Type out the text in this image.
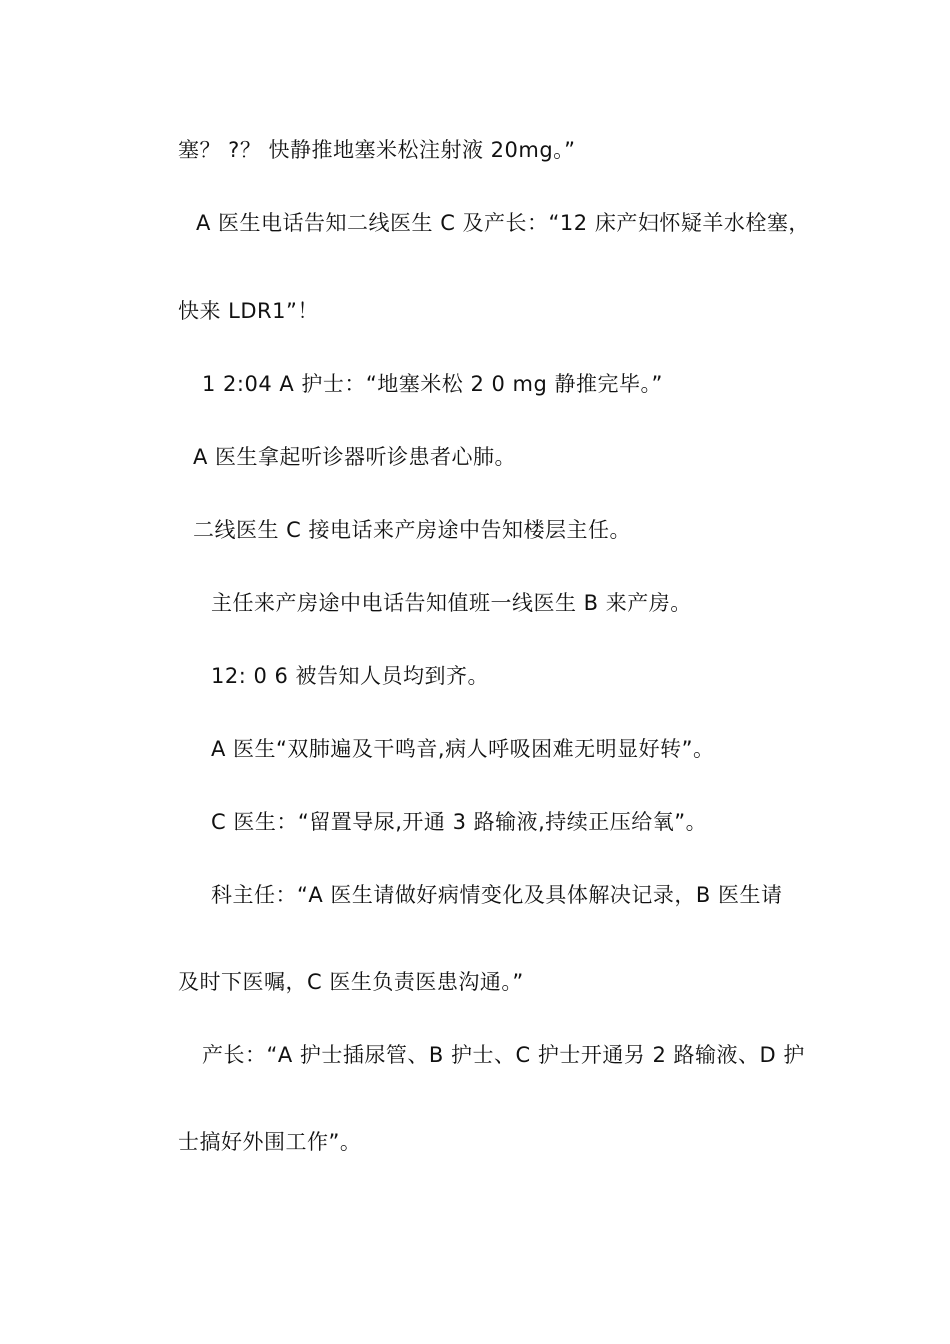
塞？ ?？ 快静推地塞米松注射液 20mg。”
A 医生电话告知二线医生 C 及产长：“12 床产妇怀疑羊水栓塞，
快来 LDR1”！
1 2:04 A 护士：“地塞米松 2 0 mg 静推完毕。”
A 医生拿起听诊器听诊患者心肺。
二线医生 C 接电话来产房途中告知楼层主任。
主任来产房途中电话告知值班一线医生 B 来产房。
12: 0 6 被告知人员均到齐。
A 医生“双肺遍及干鸣音,病人呼吸困难无明显好转”。
C 医生：“留置导尿,开通 3 路输液,持续正压给氧”。
科主任：“A 医生请做好病情变化及具体解决记录，B 医生请
及时下医嘱，C 医生负责医患沟通。”
产长：“A 护士插尿管、B 护士、C 护士开通另 2 路输液、D 护
士搞好外围工作”。
